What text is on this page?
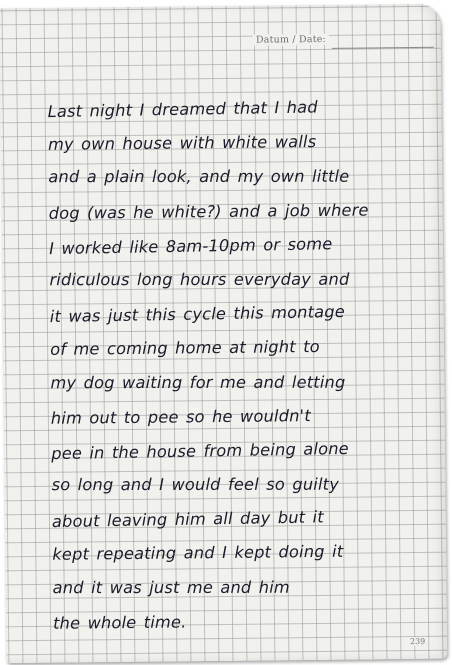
Datum / Date:

Last night I dreamed that I had
my own house with white walls
and a plain look, and my own little
dog (was he white?) and a job where
I worked like 8am-10pm or some
ridiculous long hours everyday and
it was just this cycle this montage
of me coming home at night to
my dog waiting for me and letting
him out to pee so he wouldn't
pee in the house from being alone
so long and I would feel so guilty
about leaving him all day but it
kept repeating and I kept doing it
and it was just me and him
the whole time.

239
